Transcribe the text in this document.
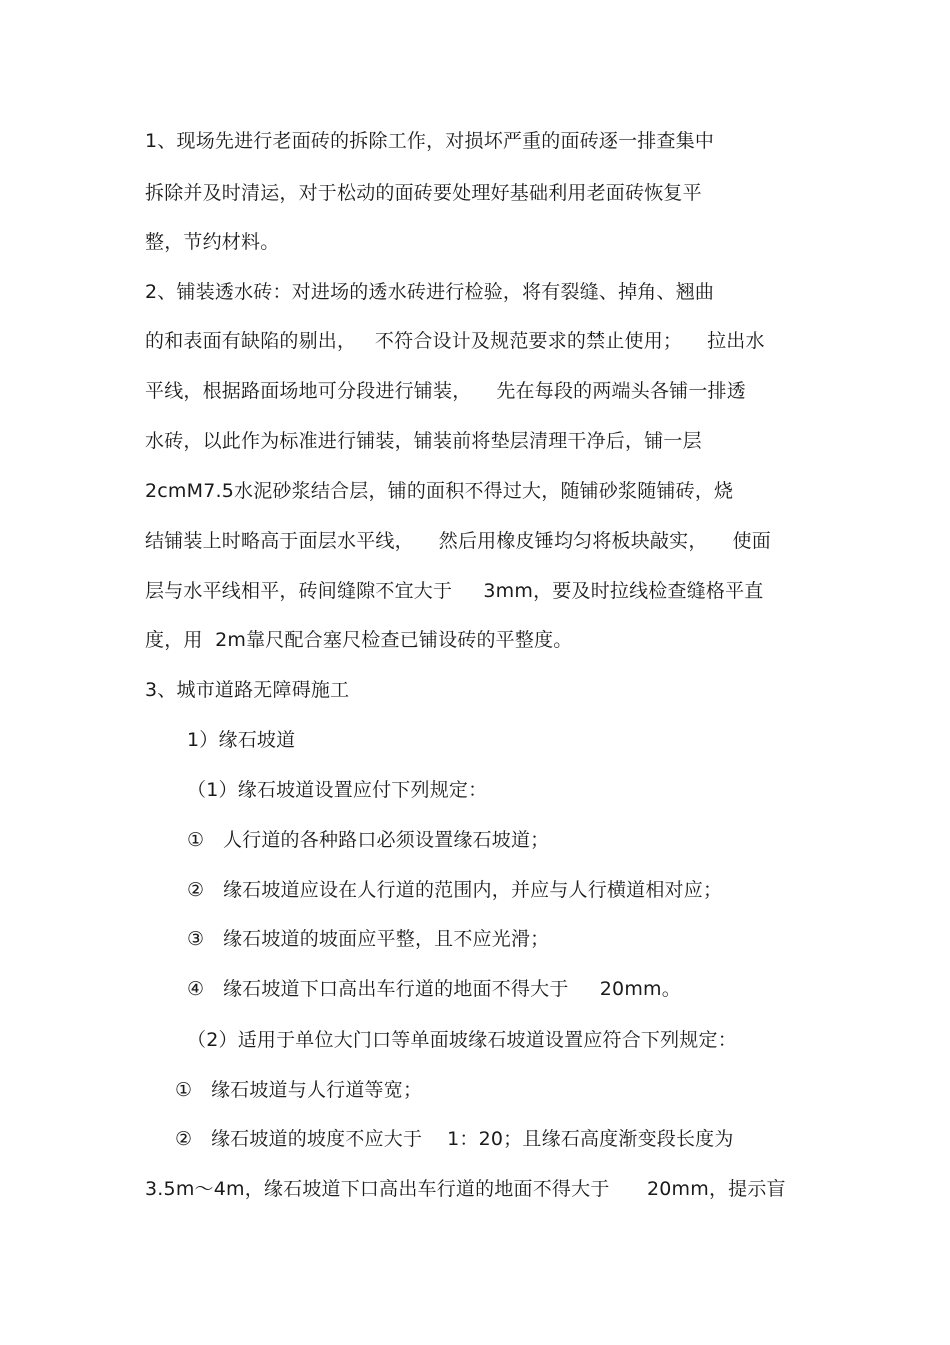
1、现场先进行老面砖的拆除工作，对损坏严重的面砖逐一排查集中
拆除并及时清运，对于松动的面砖要处理好基础利用老面砖恢复平
整，节约材料。
2、铺装透水砖：对进场的透水砖进行检验，将有裂缝、掉角、翘曲
的和表面有缺陷的剔出，   不符合设计及规范要求的禁止使用；    拉出水
平线，根据路面场地可分段进行铺装，    先在每段的两端头各铺一排透
水砖，以此作为标准进行铺装，铺装前将垫层清理干净后，铺一层
2cmM7.5水泥砂浆结合层，铺的面积不得过大，随铺砂浆随铺砖，烧
结铺装上时略高于面层水平线，    然后用橡皮锤均匀将板块敲实，    使面
层与水平线相平，砖间缝隙不宜大于     3mm，要及时拉线检查缝格平直
度，用  2m靠尺配合塞尺检查已铺设砖的平整度。
3、城市道路无障碍施工
1）缘石坡道
（1）缘石坡道设置应付下列规定：
①   人行道的各种路口必须设置缘石坡道；
②   缘石坡道应设在人行道的范围内，并应与人行横道相对应；
③   缘石坡道的坡面应平整，且不应光滑；
④   缘石坡道下口高出车行道的地面不得大于     20mm。
（2）适用于单位大门口等单面坡缘石坡道设置应符合下列规定：
①   缘石坡道与人行道等宽；
②   缘石坡道的坡度不应大于    1：20；且缘石高度渐变段长度为
3.5m～4m，缘石坡道下口高出车行道的地面不得大于      20mm，提示盲
